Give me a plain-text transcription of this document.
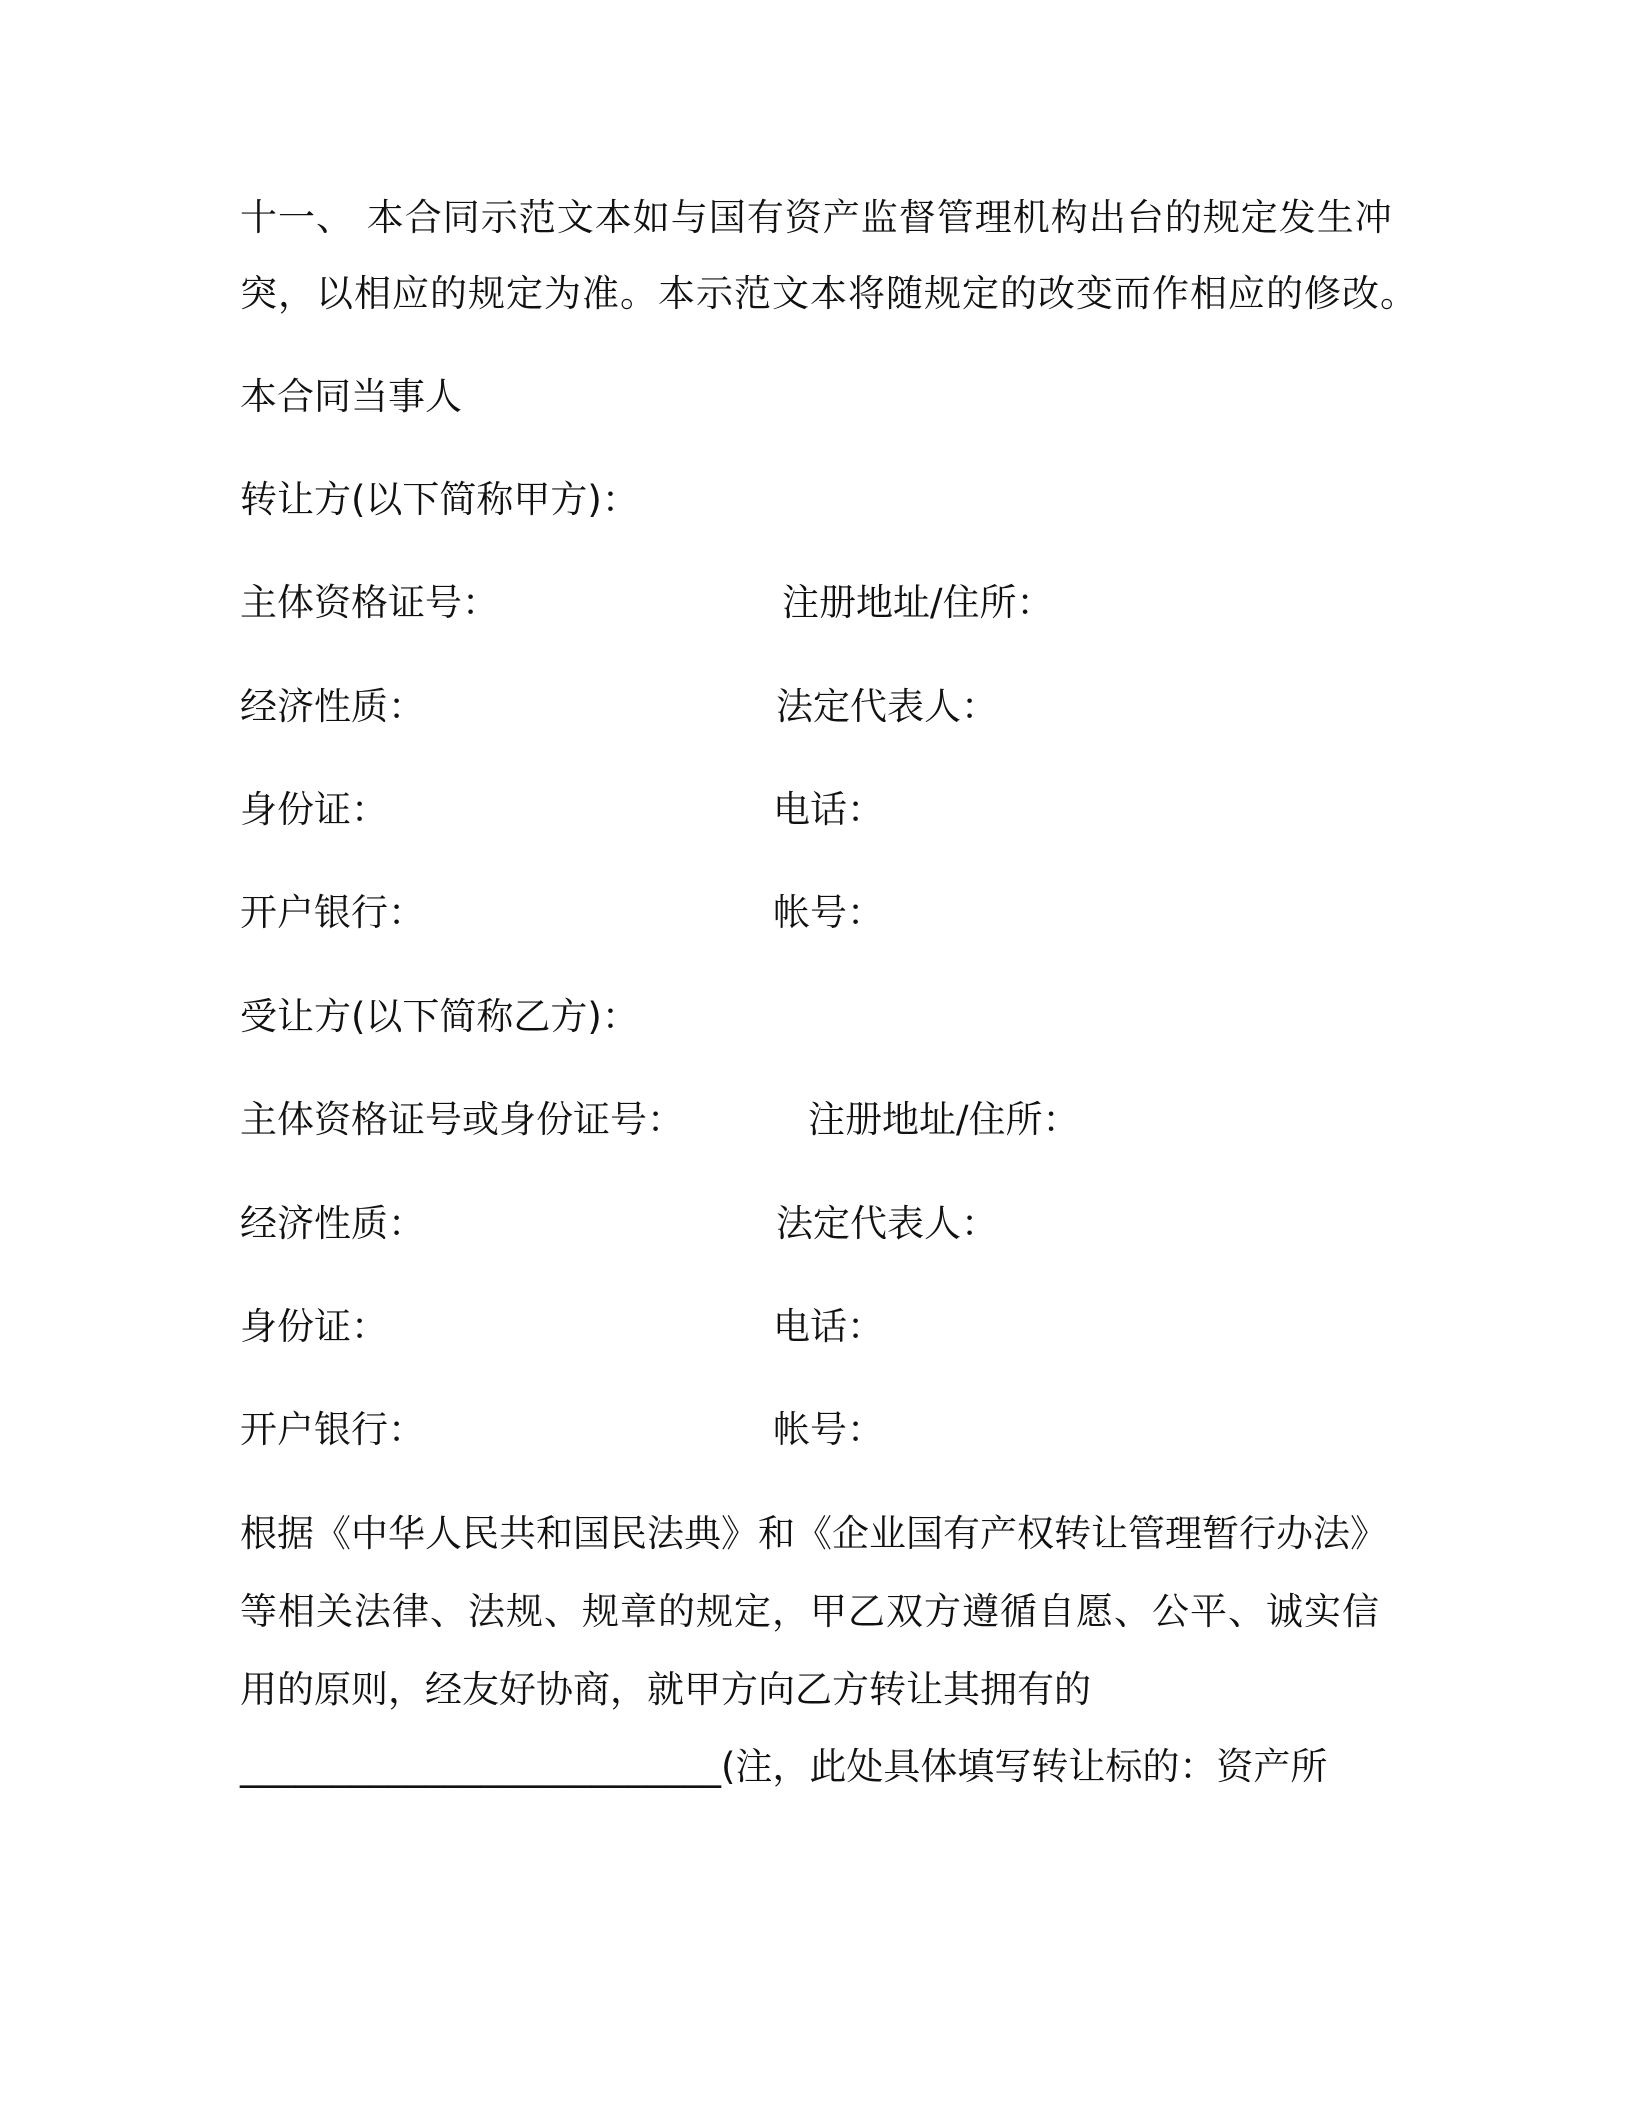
十一、 本合同示范文本如与国有资产监督管理机构出台的规定发生冲
突，以相应的规定为准。本示范文本将随规定的改变而作相应的修改。
本合同当事人
转让方(以下简称甲方)：
主体资格证号：	注册地址/住所：
经济性质：	法定代表人：
身份证：	电话：
开户银行：	帐号：
受让方(以下简称乙方)：
主体资格证号或身份证号：	注册地址/住所：
经济性质：	法定代表人：
身份证：	电话：
开户银行：	帐号：
根据《中华人民共和国民法典》和《企业国有产权转让管理暂行办法》
等相关法律、法规、规章的规定，甲乙双方遵循自愿、公平、诚实信
用的原则，经友好协商，就甲方向乙方转让其拥有的
__________________________(注，此处具体填写转让标的：资产所
